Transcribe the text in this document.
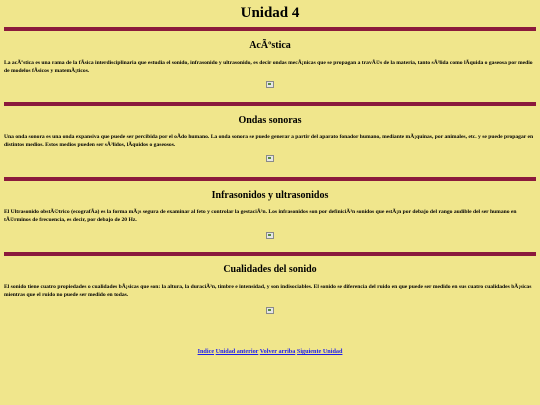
Unidad 4
AcÃºstica

La acÃºstica es una rama de la fÃsica interdisciplinaria que estudia el sonido, infrasonido y ultrasonido, es decir ondas mecÃ¡nicas que se propagan a travÃ©s de la materia, tanto sÃ³lida como lÃquida o gaseosa por medio de modelos fÃsicos y matemÃ¡ticos.

Ondas sonoras

Una onda sonora es una onda expansiva que puede ser percibida por el oÃdo humano. La onda sonora se puede generar a partir del aparato fonador humano, mediante mÃ¡quinas, por animales, etc. y se puede propagar en distintos medios. Estos medios pueden ser sÃ³lidos, lÃquidos o gaseosos.

Infrasonidos y ultrasonidos

El Ultrasonido obstÃ©trico (ecografÃa) es la forma mÃ¡s segura de examinar al feto y controlar la gestaciÃ³n. Los infrasonidos son por definiciÃ³n sonidos que estÃ¡n por debajo del rango audible del ser humano en tÃ©rminos de frecuencia, es decir, por debajo de 20 Hz.

Cualidades del sonido

El sonido tiene cuatro propiedades o cualidades bÃ¡sicas que son: la altura, la duraciÃ³n, timbre e intensidad, y son indisociables. El sonido se diferencia del ruido en que puede ser medido en sus cuatro cualidades bÃ¡sicas mientras que el ruido no puede ser medido en todas.

Indice Unidad anterior Volver arriba Siguiente Unidad
